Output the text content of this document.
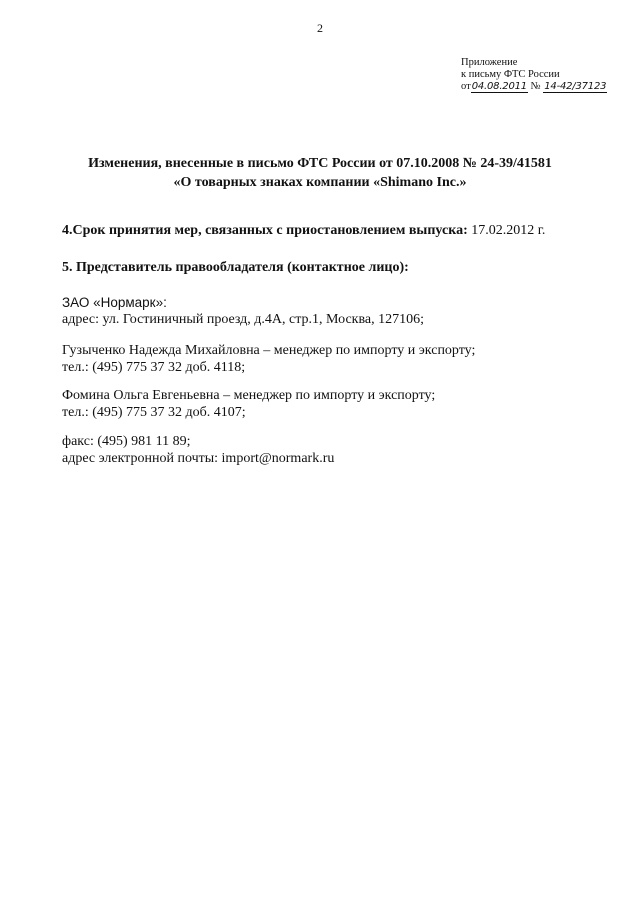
2
Приложение
к письму ФТС России
от04.08.2011 № 14-42/37123
Изменения, внесенные в письмо ФТС России от 07.10.2008 № 24-39/41581
«О товарных знаках компании «Shimano Inc.»
4.Срок принятия мер, связанных с приостановлением выпуска: 17.02.2012 г.
5. Представитель правообладателя (контактное лицо):
ЗАО «Нормарк»:
адрес: ул. Гостиничный проезд, д.4А, стр.1, Москва, 127106;
Гузыченко Надежда Михайловна – менеджер по импорту и экспорту;
тел.: (495) 775 37 32 доб. 4118;
Фомина Ольга Евгеньевна – менеджер по импорту и экспорту;
тел.: (495) 775 37 32 доб. 4107;
факс: (495) 981 11 89;
адрес электронной почты: import@normark.ru
